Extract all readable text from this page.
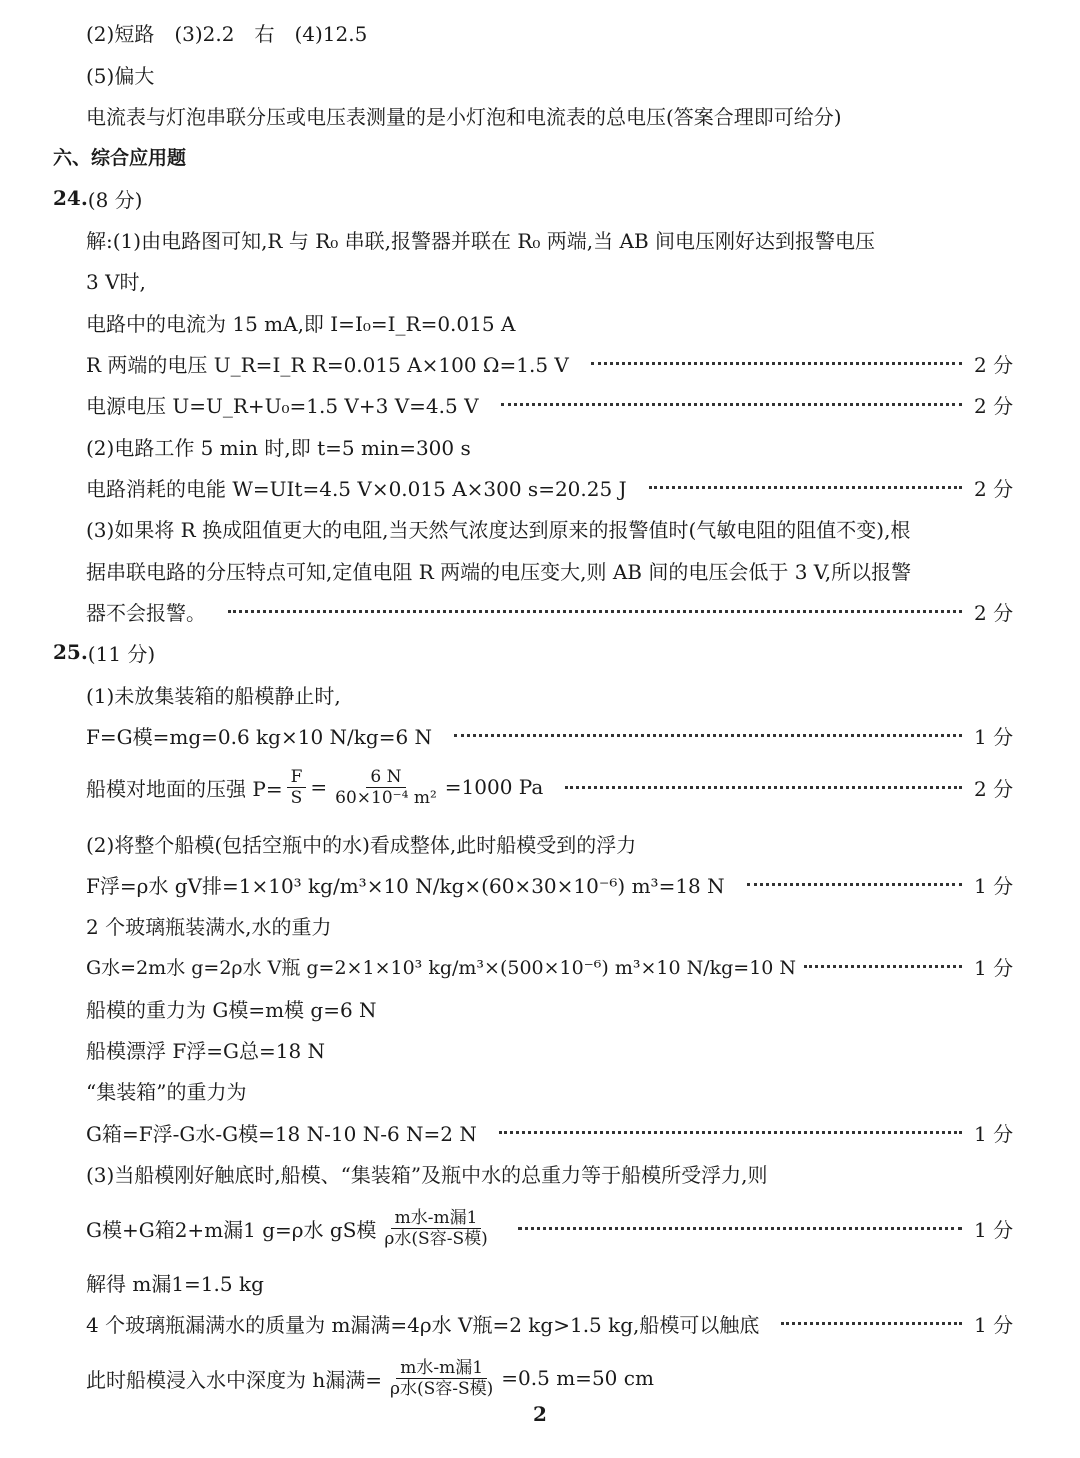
(2)短路　(3)2.2　右　(4)12.5
(5)偏大
电流表与灯泡串联分压或电压表测量的是小灯泡和电流表的总电压(答案合理即可给分)
六、综合应用题
24. (8 分)
解:(1)由电路图可知,R 与 R₀ 串联,报警器并联在 R₀ 两端,当 AB 间电压刚好达到报警电压
3 V时,
电路中的电流为 15 mA,即 I=I₀=I_R=0.015 A
R 两端的电压 U_R=I_R R=0.015 A×100 Ω=1.5 V	2 分
电源电压 U=U_R+U₀=1.5 V+3 V=4.5 V	2 分
(2)电路工作 5 min 时,即 t=5 min=300 s
电路消耗的电能 W=UIt=4.5 V×0.015 A×300 s=20.25 J	2 分
(3)如果将 R 换成阻值更大的电阻,当天然气浓度达到原来的报警值时(气敏电阻的阻值不变),根
据串联电路的分压特点可知,定值电阻 R 两端的电压变大,则 AB 间的电压会低于 3 V,所以报警
器不会报警。	2 分
25. (11 分)
(1)未放集装箱的船模静止时,
F=G模=mg=0.6 kg×10 N/kg=6 N	1 分
船模对地面的压强 $P= \frac{F}{S} = \frac{6 N}{\text{60×10⁻⁴ m²}} =1000$ Pa	2 分
(2)将整个船模(包括空瓶中的水)看成整体,此时船模受到的浮力
F浮=ρ水 gV排=1×10³ kg/m³×10 N/kg×(60×30×10⁻⁶) m³=18 N	1 分
2 个玻璃瓶装满水,水的重力
G水=2m水 g=2ρ水 V瓶 g=2×1×10³ kg/m³×(500×10⁻⁶) m³×10 N/kg=10 N	1 分
船模的重力为 G模=m模 g=6 N
船模漂浮 F浮=G总=18 N
“集装箱”的重力为
G箱=F浮-G水-G模=18 N-10 N-6 N=2 N	1 分
(3)当船模刚好触底时,船模、“集装箱”及瓶中水的总重力等于船模所受浮力,则
G模+G箱2+m漏1 g=ρ水 gS模 $\frac{\text{m水-m漏1}}{\text{ρ水(S容-S模)}}$	1 分
解得 m漏1=1.5 kg
4 个玻璃瓶漏满水的质量为 m漏满=4ρ水 V瓶=2 kg>1.5 kg,船模可以触底	1 分
此时船模浸入水中深度为 h漏满= $\frac{\text{m水-m漏1}}{\text{ρ水(S容-S模)}} =0.5$ m=50 cm
2
